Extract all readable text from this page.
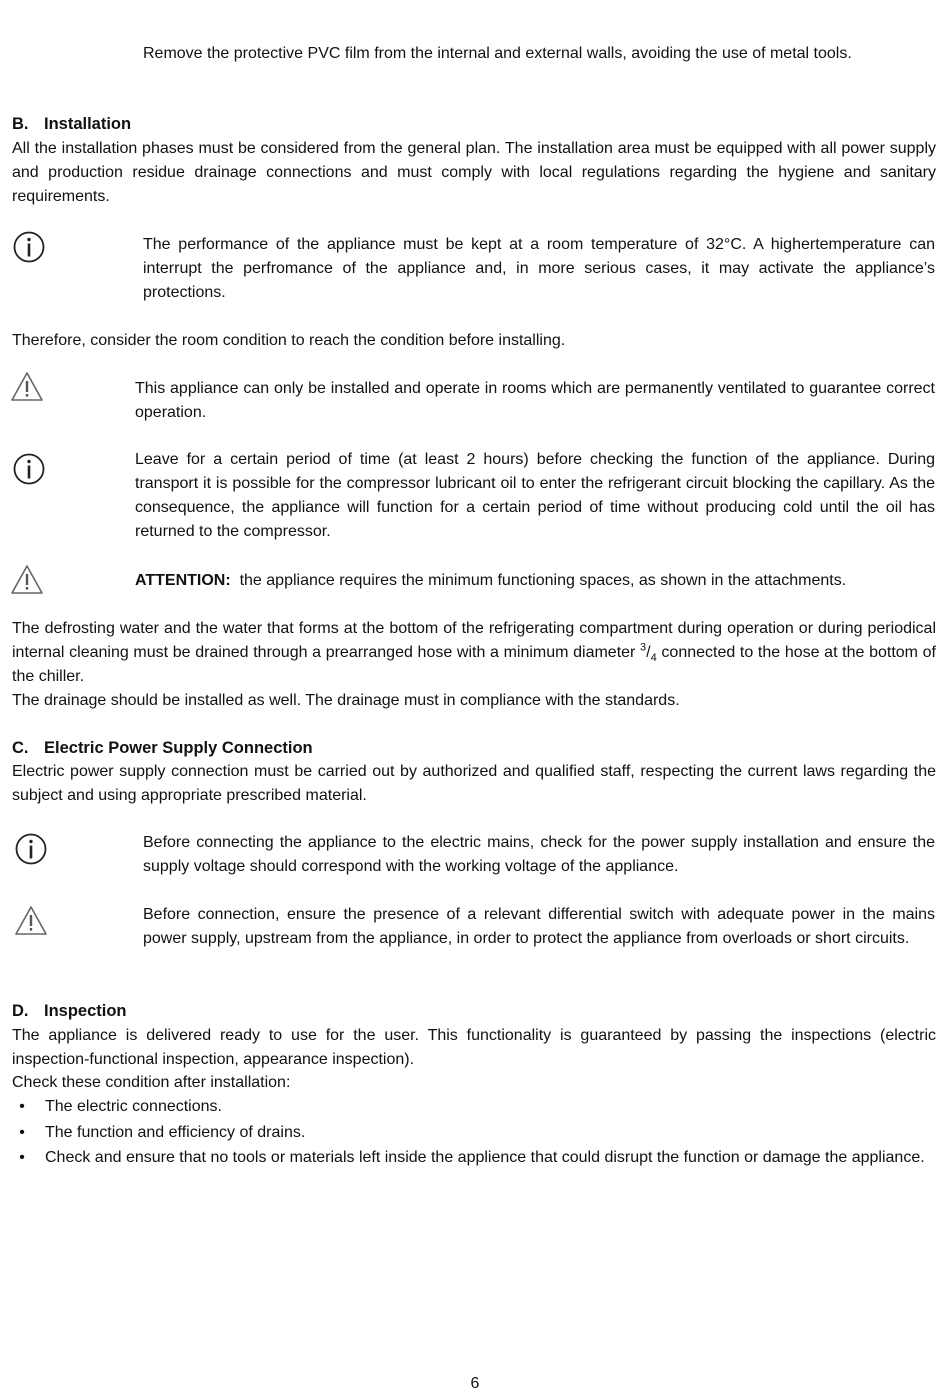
Remove the protective PVC film from the internal and external walls, avoiding the use of metal tools.

B. Installation

All the installation phases must be considered from the general plan. The installation area must be equipped with all power supply and production residue drainage connections and must comply with local regulations regarding the hygiene and sanitary requirements.

The performance of the appliance must be kept at a room temperature of 32°C. A highertemperature can interrupt the perfromance of the appliance and, in more serious cases, it may activate the appliance’s protections.

Therefore, consider the room condition to reach the condition before installing.

This appliance can only be installed and operate in rooms which are permanently ventilated to guarantee correct operation.

Leave for a certain period of time (at least 2 hours) before checking the function of the appliance. During transport it is possible for the compressor lubricant oil to enter the refrigerant circuit blocking the capillary. As the consequence, the appliance will function for a certain period of time without producing cold until the oil has returned to the compressor.

ATTENTION: the appliance requires the minimum functioning spaces, as shown in the attachments.

The defrosting water and the water that forms at the bottom of the refrigerating compartment during operation or during periodical internal cleaning must be drained through a prearranged hose with a minimum diameter $^3/_4$ connected to the hose at the bottom of the chiller.

The drainage should be installed as well. The drainage must in compliance with the standards.

C. Electric Power Supply Connection

Electric power supply connection must be carried out by authorized and qualified staff, respecting the current laws regarding the subject and using appropriate prescribed material.

Before connecting the appliance to the electric mains, check for the power supply installation and ensure the supply voltage should correspond with the working voltage of the appliance.

Before connection, ensure the presence of a relevant differential switch with adequate power in the mains power supply, upstream from the appliance, in order to protect the appliance from overloads or short circuits.

D. Inspection

The appliance is delivered ready to use for the user. This functionality is guaranteed by passing the inspections (electric inspection-functional inspection, appearance inspection).

Check these condition after installation:

•	The electric connections.

•	The function and efficiency of drains.

•	Check and ensure that no tools or materials left inside the applience that could disrupt the function or damage the appliance.

6
